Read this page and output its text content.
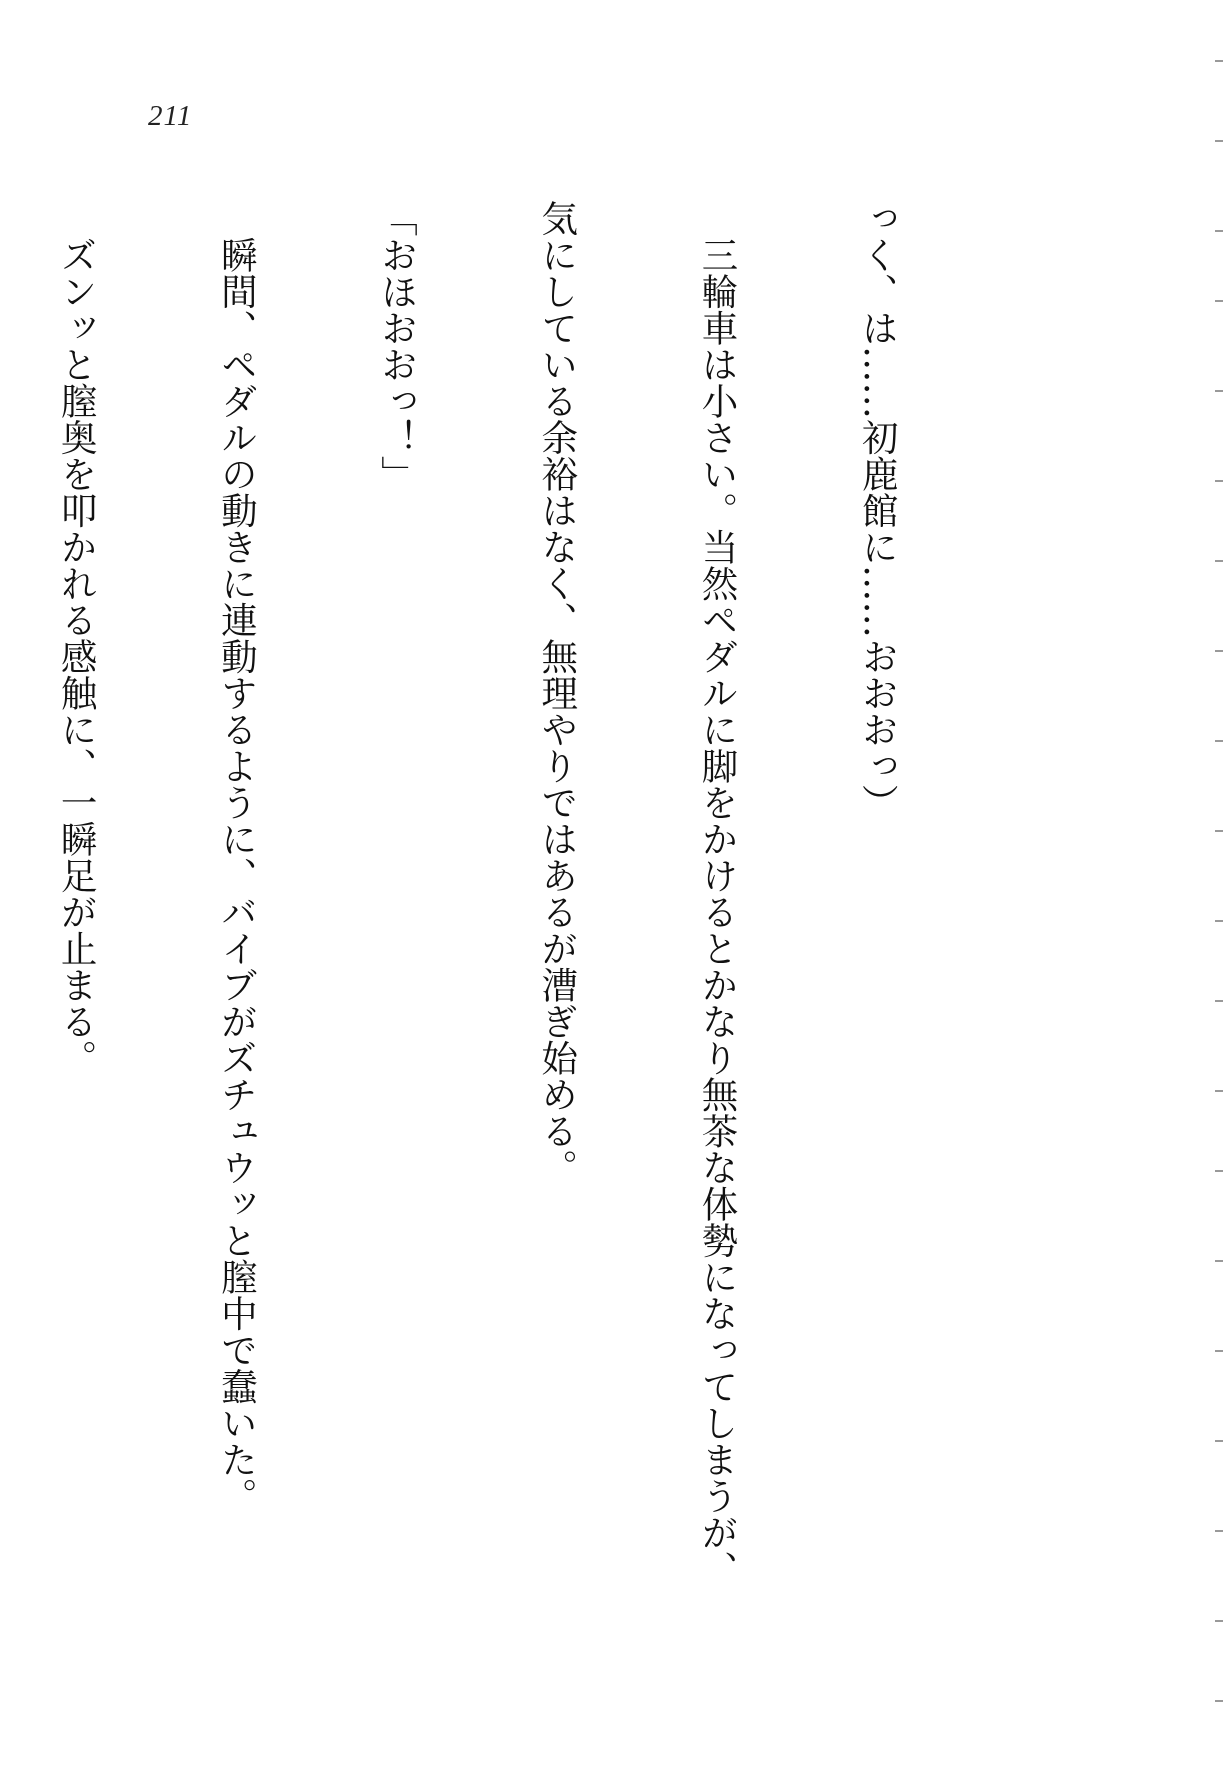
211

っく、は……初鹿館に……おおおっ）

　三輪車は小さい。当然ペダルに脚をかけるとかなり無茶な体勢になってしまうが、

気にしている余裕はなく、無理やりではあるが漕ぎ始める。

「おほおおっ！」

　瞬間、ペダルの動きに連動するように、バイブがズチュウッと膣中で蠢いた。

　ズンッと膣奥を叩かれる感触に、一瞬足が止まる。
